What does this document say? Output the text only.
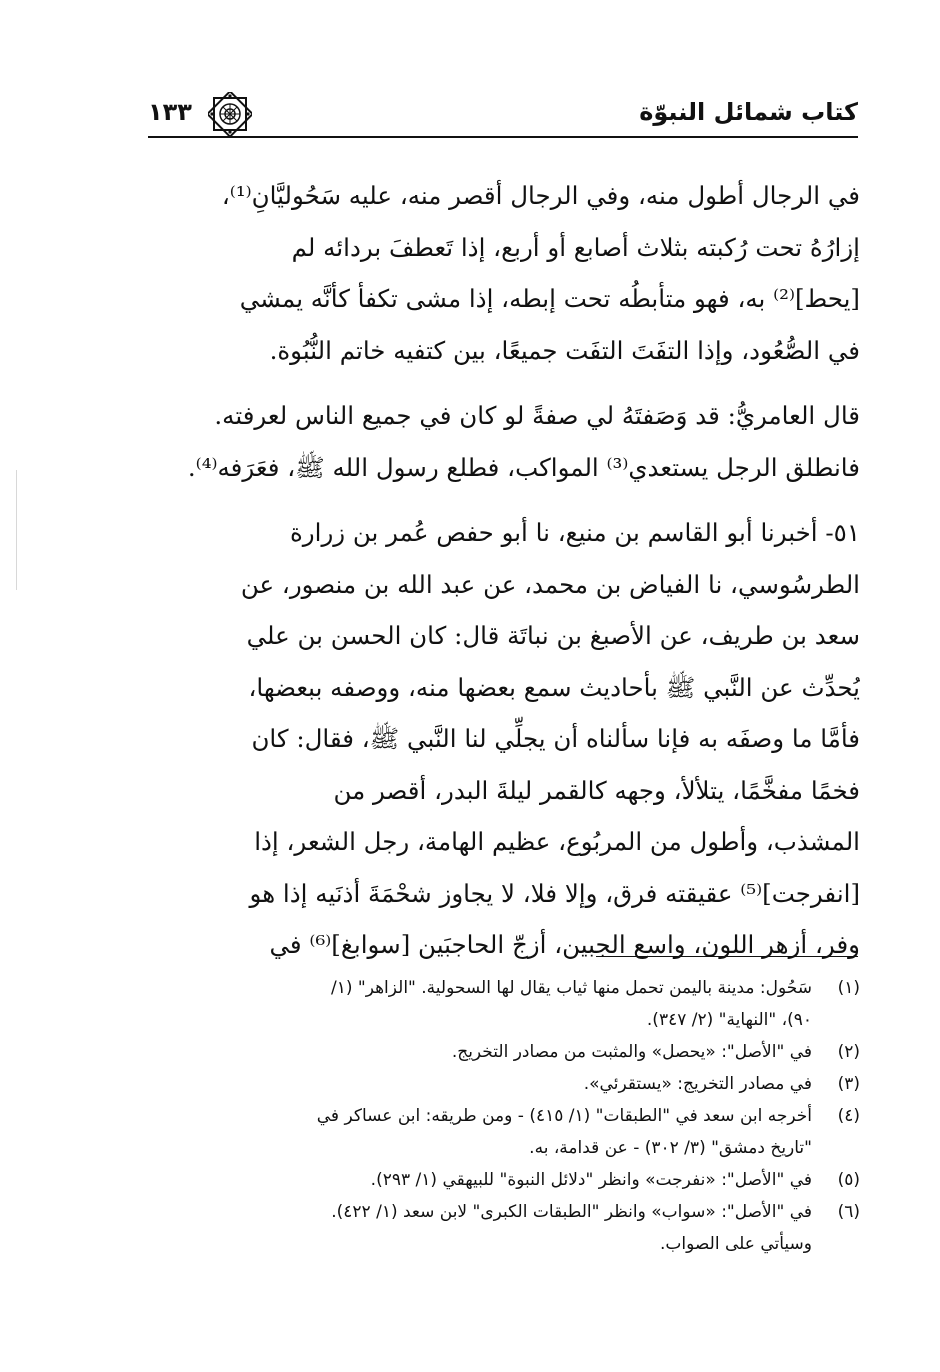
كتاب شمائل النبوّة
١٣٣

في الرجال أطول منه، وفي الرجال أقصر منه، عليه سَحُوليَّانِ⁽¹⁾،
إزارُهُ تحت رُكبته بثلاث أصابع أو أربع، إذا تَعطفَ بردائه لم
[يحط]⁽²⁾ به، فهو متأبطُه تحت إبطه، إذا مشى تكفأ كأنَّه يمشي
في الصُّعُود، وإذا التفَتَ التفَت جميعًا، بين كتفيه خاتم النُّبُوة.

قال العامريُّ: قد وَصَفتَهُ لي صفةً لو كان في جميع الناس لعرفته.
فانطلق الرجل يستعدي⁽³⁾ المواكب، فطلع رسول الله ﷺ، فعَرَفه⁽⁴⁾.

٥١- أخبرنا أبو القاسم بن منيع، نا أبو حفص عُمر بن زرارة
الطرسُوسي، نا الفياض بن محمد، عن عبد الله بن منصور، عن
سعد بن طريف، عن الأصبغ بن نباتَة قال: كان الحسن بن علي
يُحدِّث عن النَّبي ﷺ بأحاديث سمع بعضها منه، ووصفه ببعضها،
فأمَّا ما وصفَه به فإنا سألناه أن يجلِّي لنا النَّبي ﷺ، فقال: كان
فخمًا مفخَّمًا، يتلألأ، وجهه كالقمر ليلةَ البدر، أقصر من
المشذب، وأطول من المربُوع، عظيم الهامة، رجل الشعر، إذا
[انفرجت]⁽⁵⁾ عقيقته فرق، وإلا فلا، لا يجاوز شحْمَةَ أذنَيه إذا هو
وفر، أزهر اللون، واسع الجبين، أزجّ الحاجبَين [سوابغ]⁽⁶⁾ في

(١)
سَحُول: مدينة باليمن تحمل منها ثياب يقال لها السحولية. "الزاهر" (١/
٩٠)، "النهاية" (٢/ ٣٤٧).
(٢)
في "الأصل": «يحصل» والمثبت من مصادر التخريج.
(٣)
في مصادر التخريج: «يستقرئي».
(٤)
أخرجه ابن سعد في "الطبقات" (١/ ٤١٥) - ومن طريقه: ابن عساكر في
"تاريخ دمشق" (٣/ ٣٠٢) - عن قدامة، به.
(٥)
في "الأصل": «نفرجت» وانظر "دلائل النبوة" للبيهقي (١/ ٢٩٣).
(٦)
في "الأصل": «سواب» وانظر "الطبقات الكبرى" لابن سعد (١/ ٤٢٢).
وسيأتي على الصواب.
